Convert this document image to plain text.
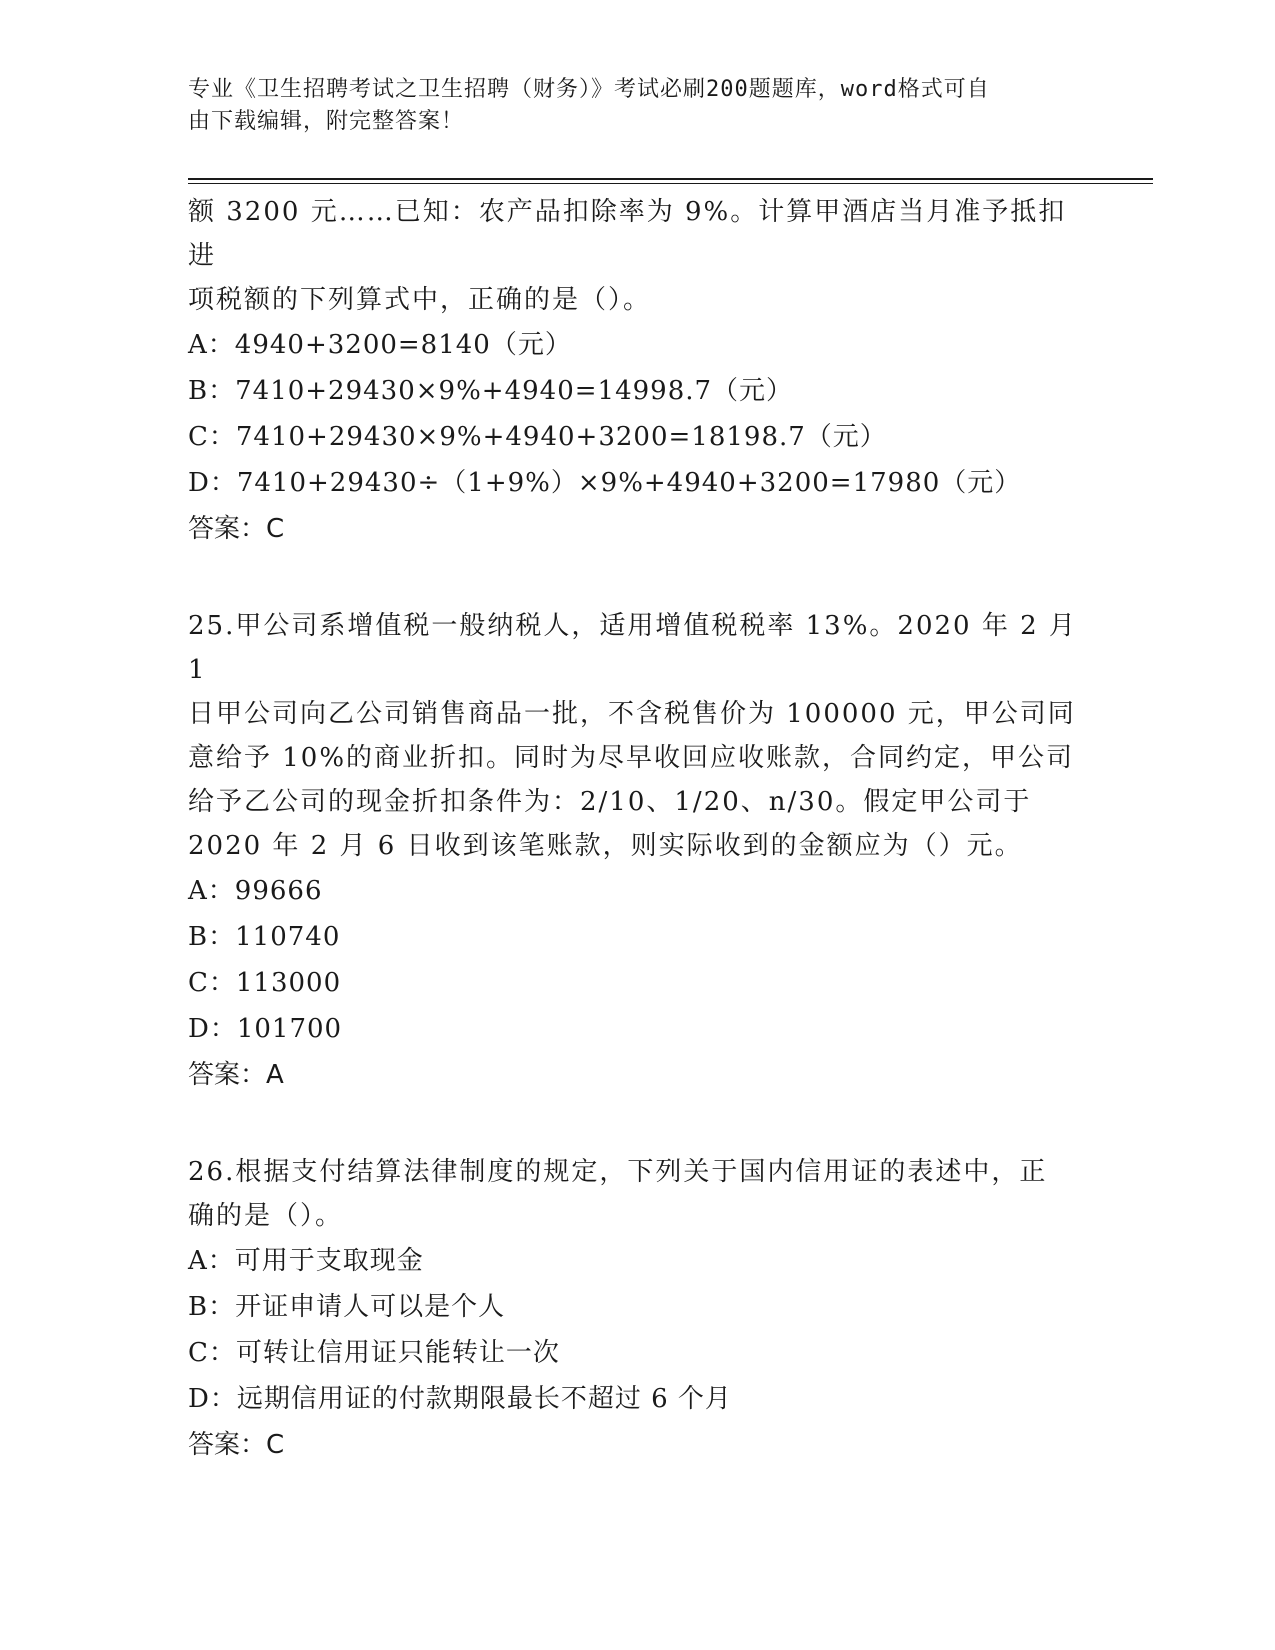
专业《卫生招聘考试之卫生招聘（财务）》考试必刷200题题库，word格式可自
由下载编辑，附完整答案！
额 3200 元……已知：农产品扣除率为 9%。计算甲酒店当月准予抵扣进
项税额的下列算式中，正确的是（）。
A：4940+3200=8140（元）
B：7410+29430×9%+4940=14998.7（元）
C：7410+29430×9%+4940+3200=18198.7（元）
D：7410+29430÷（1+9%）×9%+4940+3200=17980（元）
答案：C
25.甲公司系增值税一般纳税人，适用增值税税率 13%。2020 年 2 月 1
日甲公司向乙公司销售商品一批，不含税售价为 100000 元，甲公司同
意给予 10%的商业折扣。同时为尽早收回应收账款，合同约定，甲公司
给予乙公司的现金折扣条件为：2/10、1/20、n/30。假定甲公司于
2020 年 2 月 6 日收到该笔账款，则实际收到的金额应为（）元。
A：99666
B：110740
C：113000
D：101700
答案：A
26.根据支付结算法律制度的规定，下列关于国内信用证的表述中，正
确的是（）。
A：可用于支取现金
B：开证申请人可以是个人
C：可转让信用证只能转让一次
D：远期信用证的付款期限最长不超过 6 个月
答案：C
